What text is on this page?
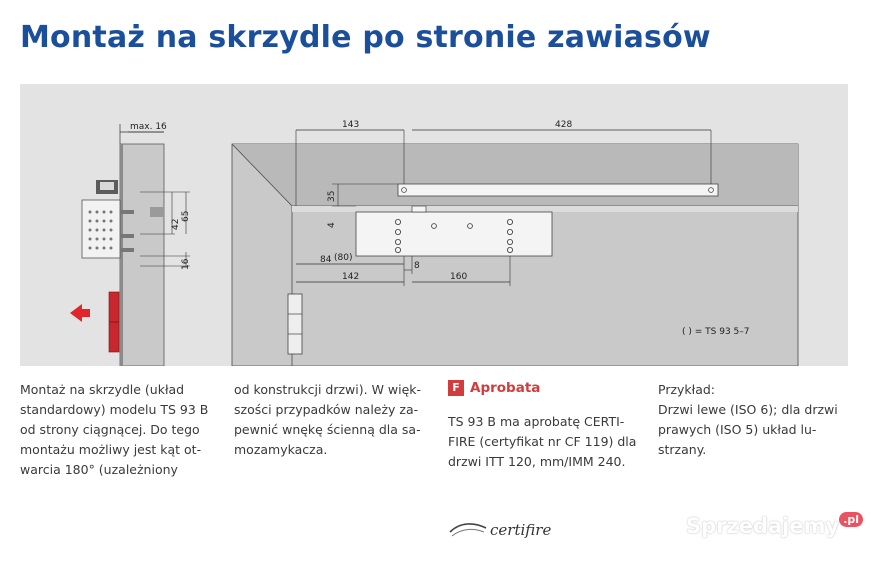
Montaż na skrzydle po stronie zawiasów
max. 16
65
42
16
143	428
35
4
(80)
84
8
142	160
( ) = TS 93 5–7

Montaż na skrzydle (układ standardowy) modelu TS 93 B od strony ciągnącej. Do tego montażu możliwy jest kąt ot-warcia 180° (uzależniony

od konstrukcji drzwi). W więk-szości przypadków należy za-pewnić wnękę ścienną dla sa-mozamykacza.

F Aprobata

TS 93 B ma aprobatę CERTI-FIRE (certyfikat nr CF 119) dla drzwi ITT 120, mm/IMM 240.

Przykład:

Drzwi lewe (ISO 6); dla drzwi prawych (ISO 5) układ lu-strzany.

certifire	Sprzedajemy .pl
